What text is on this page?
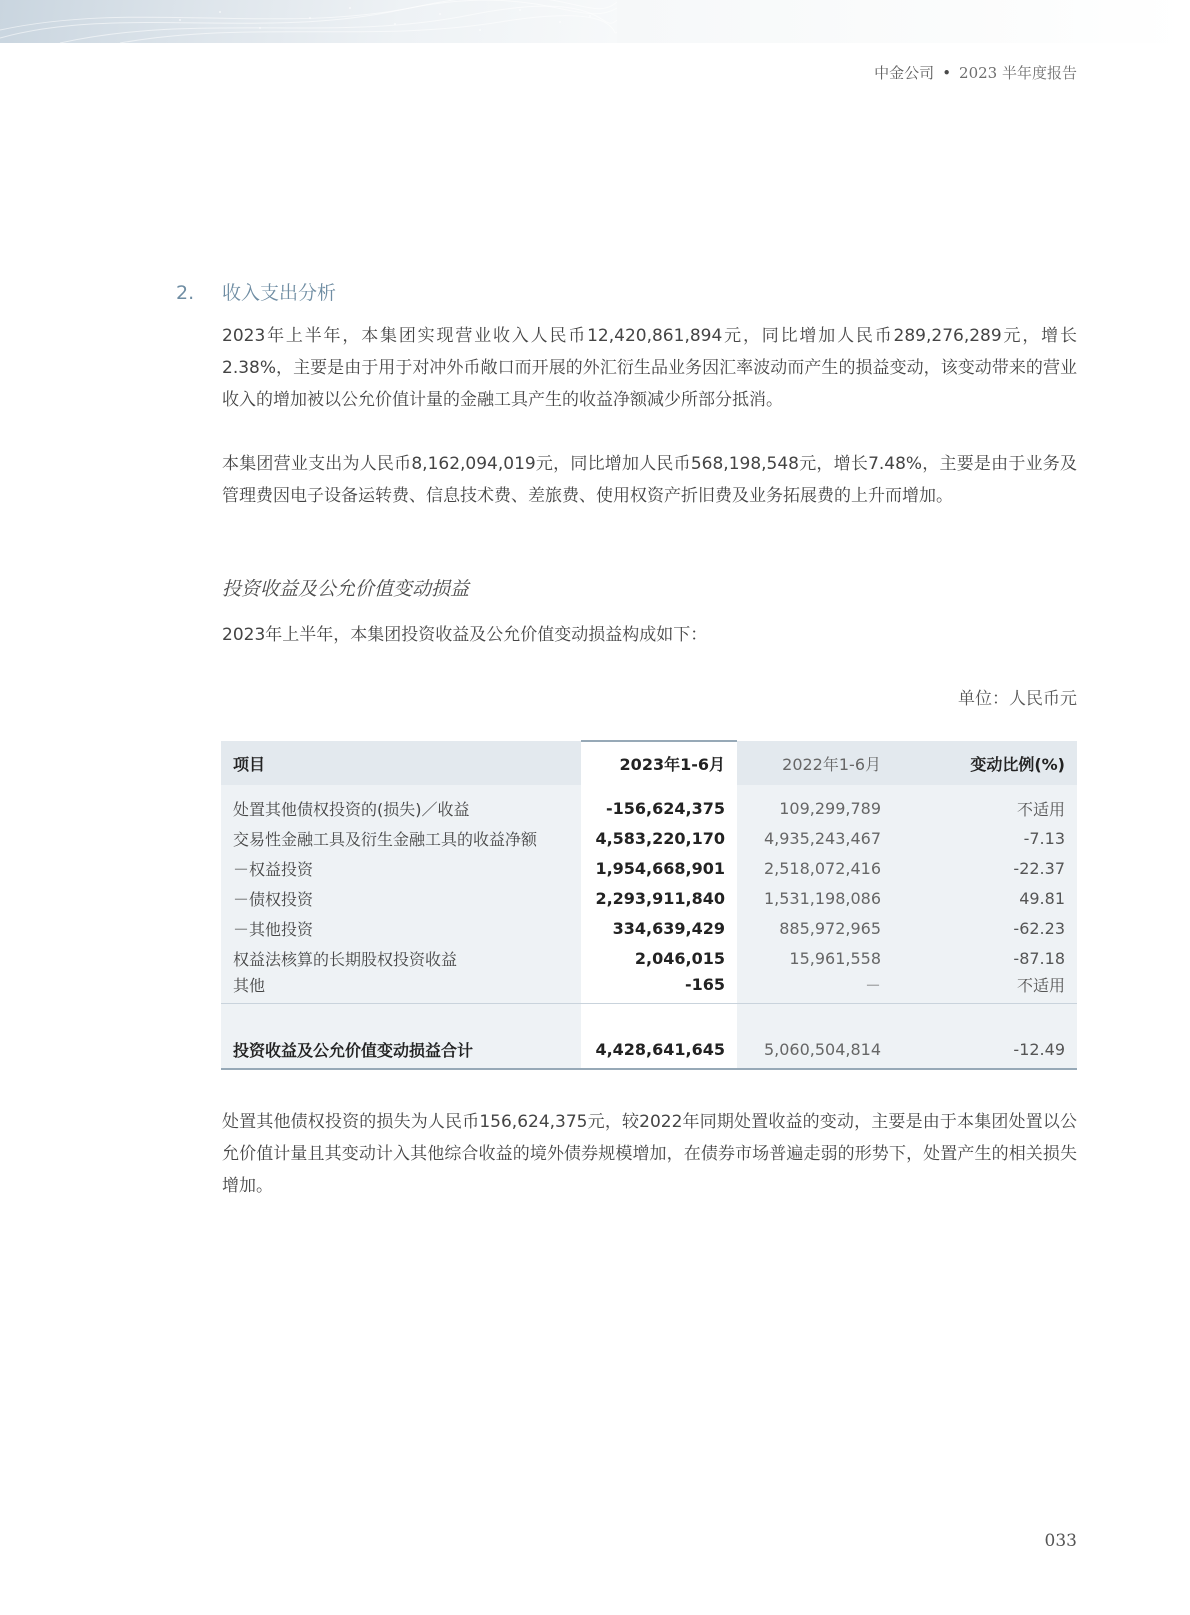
中金公司 • 2023 半年度报告
2. 收入支出分析
2023年上半年，本集团实现营业收入人民币12,420,861,894元，同比增加人民币289,276,289元，增长2.38%，主要是由于用于对冲外币敞口而开展的外汇衍生品业务因汇率波动而产生的损益变动，该变动带来的营业收入的增加被以公允价值计量的金融工具产生的收益净额减少所部分抵消。
本集团营业支出为人民币8,162,094,019元，同比增加人民币568,198,548元，增长7.48%，主要是由于业务及管理费因电子设备运转费、信息技术费、差旅费、使用权资产折旧费及业务拓展费的上升而增加。
投资收益及公允价值变动损益
2023年上半年，本集团投资收益及公允价值变动损益构成如下：
单位：人民币元
项目	2023年1-6月	2022年1-6月	变动比例(%)
处置其他债权投资的(损失)／收益	-156,624,375	109,299,789	不适用
交易性金融工具及衍生金融工具的收益净额	4,583,220,170	4,935,243,467	-7.13
－权益投资	1,954,668,901	2,518,072,416	-22.37
－债权投资	2,293,911,840	1,531,198,086	49.81
－其他投资	334,639,429	885,972,965	-62.23
权益法核算的长期股权投资收益	2,046,015	15,961,558	-87.18
其他	-165	－	不适用

投资收益及公允价值变动损益合计	4,428,641,645	5,060,504,814	-12.49
处置其他债权投资的损失为人民币156,624,375元，较2022年同期处置收益的变动，主要是由于本集团处置以公允价值计量且其变动计入其他综合收益的境外债券规模增加，在债券市场普遍走弱的形势下，处置产生的相关损失增加。
033
